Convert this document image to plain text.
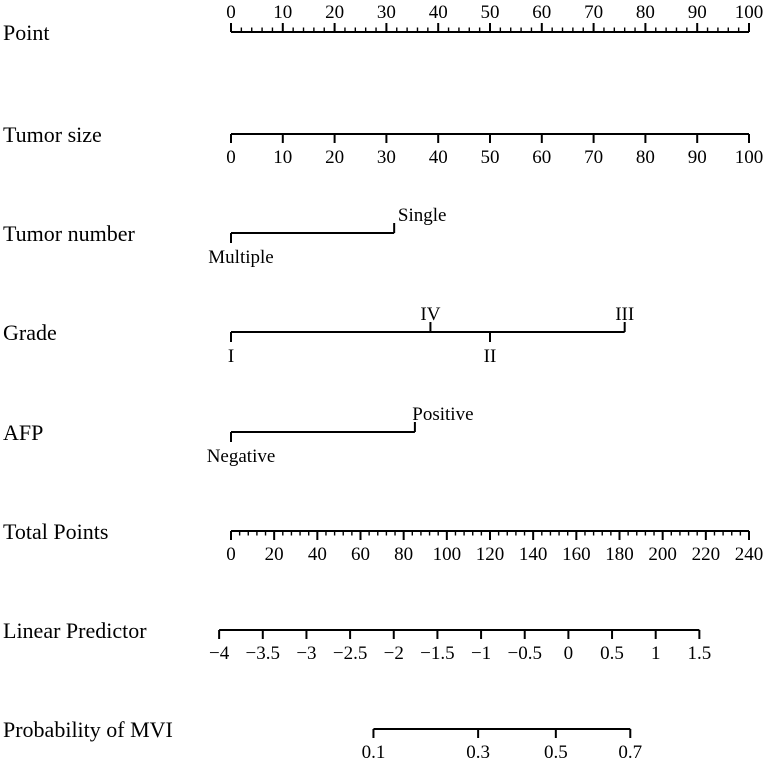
Point
0 10 20 30 40 50 60 70 80 90 100
Tumor size
0 10 20 30 40 50 60 70 80 90 100
Tumor number
Multiple
Single
Grade
I
IV
II
III
AFP
Negative
Positive
Total Points
0 20 40 60 80 100 120 140 160 180 200 220 240
Linear Predictor
−4 −3.5 −3 −2.5 −2 −1.5 −1 −0.5 0 0.5 1 1.5
Probability of MVI
0.1	0.3	0.5	0.7
